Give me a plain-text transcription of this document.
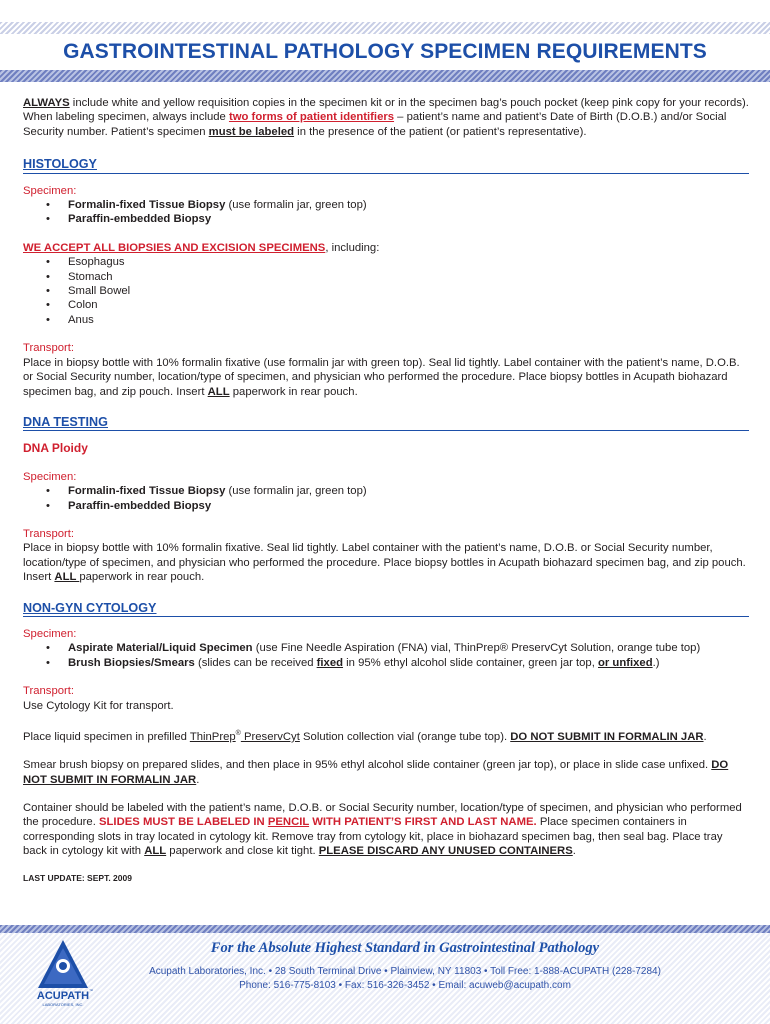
GASTROINTESTINAL PATHOLOGY SPECIMEN REQUIREMENTS

ALWAYS include white and yellow requisition copies in the specimen kit or in the specimen bag’s pouch pocket (keep pink copy for your records). When labeling specimen, always include two forms of patient identifiers – patient’s name and patient’s Date of Birth (D.O.B.) and/or Social Security number. Patient’s specimen must be labeled in the presence of the patient (or patient’s representative).

HISTOLOGY

Specimen:

• Formalin-fixed Tissue Biopsy (use formalin jar, green top)
• Paraffin-embedded Biopsy

WE ACCEPT ALL BIOPSIES AND EXCISION SPECIMENS, including:

• Esophagus
• Stomach
• Small Bowel
• Colon
• Anus

Transport:

Place in biopsy bottle with 10% formalin fixative (use formalin jar with green top). Seal lid tightly. Label container with the patient’s name, D.O.B. or Social Security number, location/type of specimen, and physician who performed the procedure. Place biopsy bottles in Acupath biohazard specimen bag, and zip pouch. Insert ALL paperwork in rear pouch.

DNA TESTING

DNA Ploidy

Specimen:

• Formalin-fixed Tissue Biopsy (use formalin jar, green top)
• Paraffin-embedded Biopsy

Transport:

Place in biopsy bottle with 10% formalin fixative. Seal lid tightly. Label container with the patient’s name, D.O.B. or Social Security number, location/type of specimen, and physician who performed the procedure. Place biopsy bottles in Acupath biohazard specimen bag, and zip pouch. Insert ALL paperwork in rear pouch.

NON-GYN CYTOLOGY

Specimen:

• Aspirate Material/Liquid Specimen (use Fine Needle Aspiration (FNA) vial, ThinPrep® PreservCyt Solution, orange tube top)
• Brush Biopsies/Smears (slides can be received fixed in 95% ethyl alcohol slide container, green jar top, or unfixed.)

Transport:

Use Cytology Kit for transport.

Place liquid specimen in prefilled ThinPrep® PreservCyt Solution collection vial (orange tube top). DO NOT SUBMIT IN FORMALIN JAR.

Smear brush biopsy on prepared slides, and then place in 95% ethyl alcohol slide container (green jar top), or place in slide case unfixed. DO NOT SUBMIT IN FORMALIN JAR.

Container should be labeled with the patient’s name, D.O.B. or Social Security number, location/type of specimen, and physician who performed the procedure. SLIDES MUST BE LABELED IN PENCIL WITH PATIENT’S FIRST AND LAST NAME. Place specimen containers in corresponding slots in tray located in cytology kit. Remove tray from cytology kit, place in biohazard specimen bag, then seal bag. Place tray back in cytology kit with ALL paperwork and close kit tight. PLEASE DISCARD ANY UNUSED CONTAINERS.

LAST UPDATE: SEPT. 2009

ACUPATH ™
LABORATORIES, INC.
For the Absolute Highest Standard in Gastrointestinal Pathology
Acupath Laboratories, Inc. • 28 South Terminal Drive • Plainview, NY 11803 • Toll Free: 1-888-ACUPATH (228-7284)
Phone: 516-775-8103 • Fax: 516-326-3452 • Email: acuweb@acupath.com
